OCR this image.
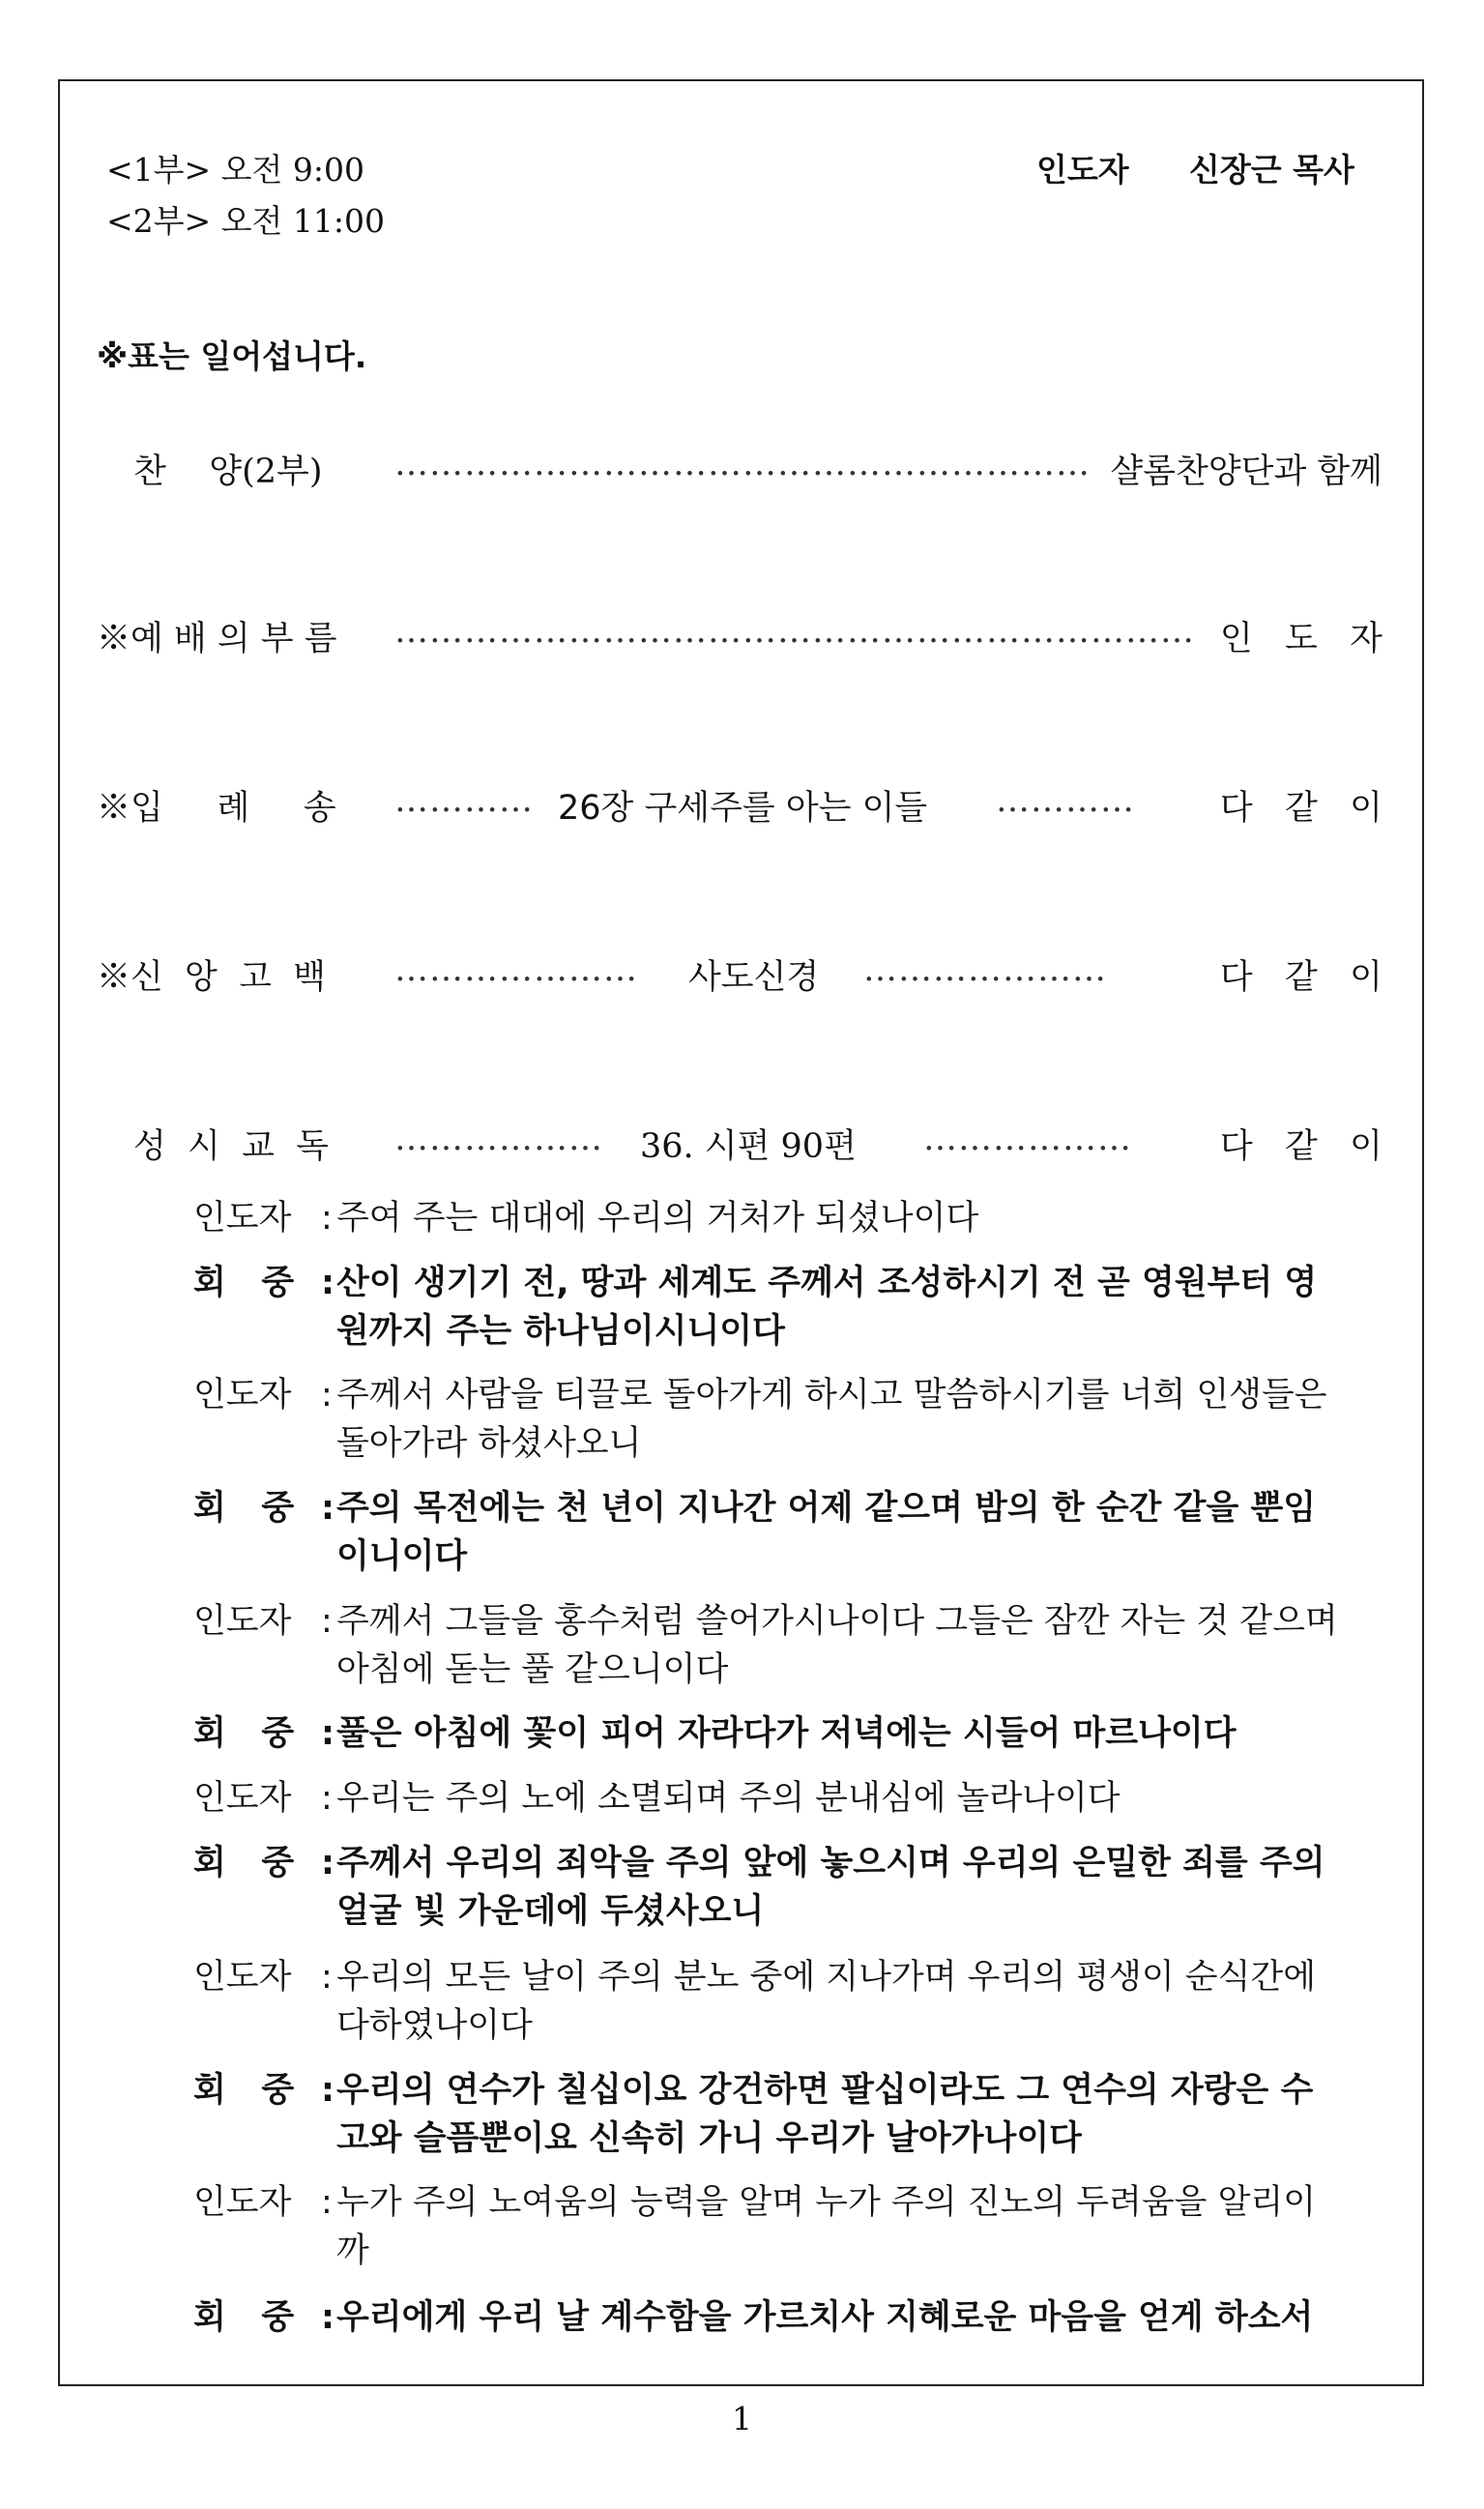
<1부> 오전 9:00
<2부> 오전 11:00
인도자 신장근 목사
※표는 일어섭니다.
찬    양(2부) …………………………………………………… 샬롬찬양단과 함께
※예 배 의 부 름 …………………………………………………………… 인   도   자
※입     례     송 ………… 26장 구세주를 아는 이들 …………	다   같   이
※신  앙  고  백 …………………	사도신경 …………………	다   같   이
성  시  교  독 ………………	36. 시편 90편 ………………	다   같   이
인도자 : 주여 주는 대대에 우리의 거처가 되셨나이다
회   중 : 산이 생기기 전, 땅과 세계도 주께서 조성하시기 전 곧 영원부터 영원까지 주는 하나님이시니이다
인도자 : 주께서 사람을 티끌로 돌아가게 하시고 말씀하시기를 너희 인생들은 돌아가라 하셨사오니
회   중 : 주의 목전에는 천 년이 지나간 어제 같으며 밤의 한 순간 같을 뿐임이니이다
인도자 : 주께서 그들을 홍수처럼 쓸어가시나이다 그들은 잠깐 자는 것 같으며 아침에 돋는 풀 같으니이다
회   중 : 풀은 아침에 꽃이 피어 자라다가 저녁에는 시들어 마르나이다
인도자 : 우리는 주의 노에 소멸되며 주의 분내심에 놀라나이다
회   중 : 주께서 우리의 죄악을 주의 앞에 놓으시며 우리의 은밀한 죄를 주의 얼굴 빛 가운데에 두셨사오니
인도자 : 우리의 모든 날이 주의 분노 중에 지나가며 우리의 평생이 순식간에 다하였나이다
회   중 : 우리의 연수가 칠십이요 강건하면 팔십이라도 그 연수의 자랑은 수고와 슬픔뿐이요 신속히 가니 우리가 날아가나이다
인도자 : 누가 주의 노여움의 능력을 알며 누가 주의 진노의 두려움을 알리이까
회   중 : 우리에게 우리 날 계수함을 가르치사 지혜로운 마음을 얻게 하소서
1
